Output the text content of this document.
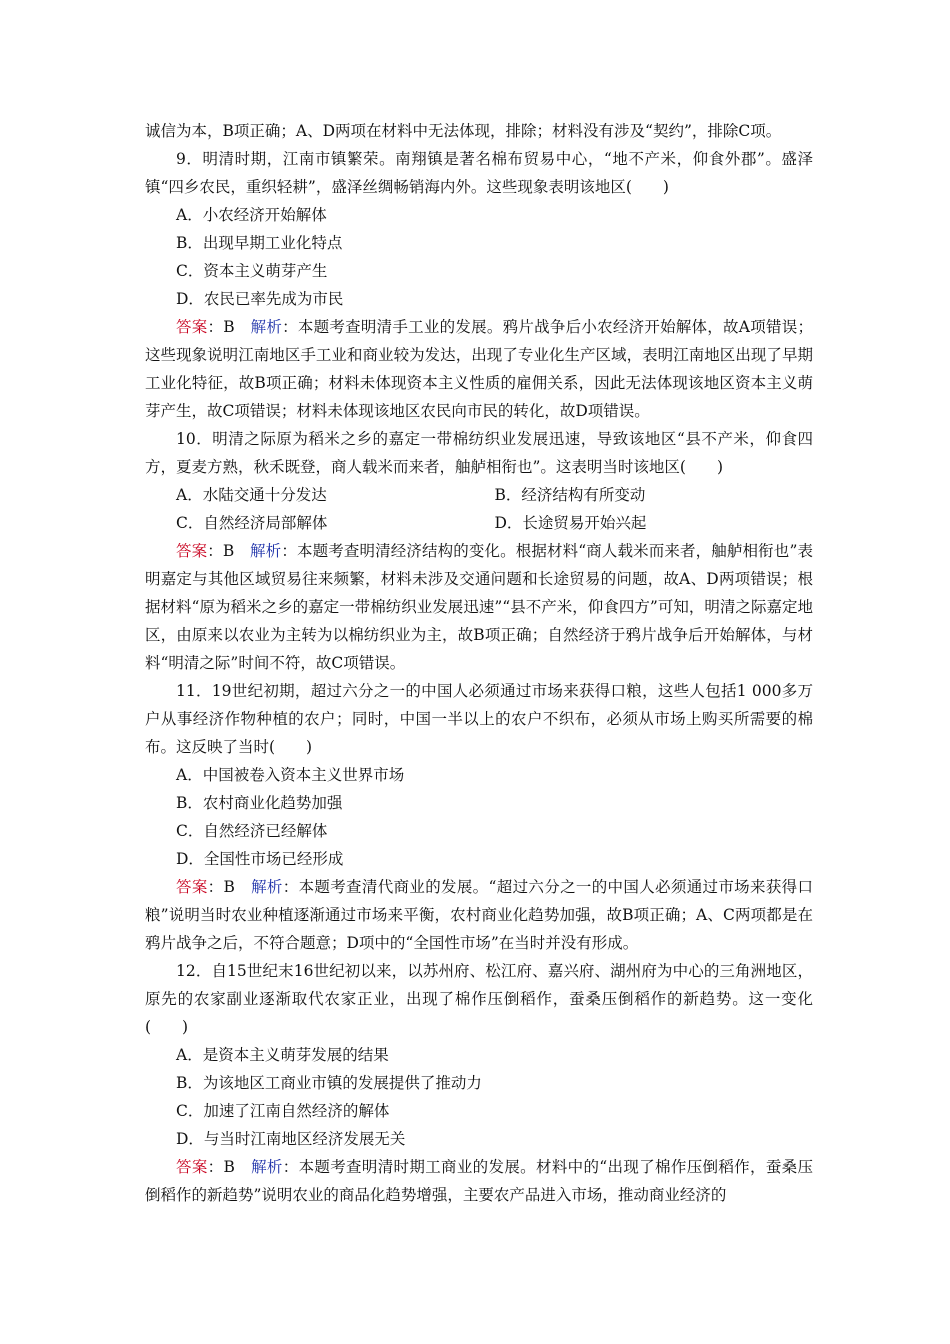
诚信为本，B项正确；A、D两项在材料中无法体现，排除；材料没有涉及“契约”，排除C项。

9．明清时期，江南市镇繁荣。南翔镇是著名棉布贸易中心，“地不产米，仰食外郡”。盛泽镇“四乡农民，重织轻耕”，盛泽丝绸畅销海内外。这些现象表明该地区(　　)

A．小农经济开始解体

B．出现早期工业化特点

C．资本主义萌芽产生

D．农民已率先成为市民

答案：B　解析：本题考查明清手工业的发展。鸦片战争后小农经济开始解体，故A项错误；这些现象说明江南地区手工业和商业较为发达，出现了专业化生产区域，表明江南地区出现了早期工业化特征，故B项正确；材料未体现资本主义性质的雇佣关系，因此无法体现该地区资本主义萌芽产生，故C项错误；材料未体现该地区农民向市民的转化，故D项错误。

10．明清之际原为稻米之乡的嘉定一带棉纺织业发展迅速，导致该地区“县不产米，仰食四方，夏麦方熟，秋禾既登，商人载米而来者，舳舻相衔也”。这表明当时该地区(　　)

A．水陆交通十分发达	B．经济结构有所变动
C．自然经济局部解体	D．长途贸易开始兴起

答案：B　解析：本题考查明清经济结构的变化。根据材料“商人载米而来者，舳舻相衔也”表明嘉定与其他区域贸易往来频繁，材料未涉及交通问题和长途贸易的问题，故A、D两项错误；根据材料“原为稻米之乡的嘉定一带棉纺织业发展迅速”“县不产米，仰食四方”可知，明清之际嘉定地区，由原来以农业为主转为以棉纺织业为主，故B项正确；自然经济于鸦片战争后开始解体，与材料“明清之际”时间不符，故C项错误。

11．19世纪初期，超过六分之一的中国人必须通过市场来获得口粮，这些人包括1 000多万户从事经济作物种植的农户；同时，中国一半以上的农户不织布，必须从市场上购买所需要的棉布。这反映了当时(　　)

A．中国被卷入资本主义世界市场

B．农村商业化趋势加强

C．自然经济已经解体

D．全国性市场已经形成

答案：B　解析：本题考查清代商业的发展。“超过六分之一的中国人必须通过市场来获得口粮”说明当时农业种植逐渐通过市场来平衡，农村商业化趋势加强，故B项正确；A、C两项都是在鸦片战争之后，不符合题意；D项中的“全国性市场”在当时并没有形成。

12．自15世纪末16世纪初以来，以苏州府、松江府、嘉兴府、湖州府为中心的三角洲地区，原先的农家副业逐渐取代农家正业，出现了棉作压倒稻作，蚕桑压倒稻作的新趋势。这一变化(　　)

A．是资本主义萌芽发展的结果

B．为该地区工商业市镇的发展提供了推动力

C．加速了江南自然经济的解体

D．与当时江南地区经济发展无关

答案：B　解析：本题考查明清时期工商业的发展。材料中的“出现了棉作压倒稻作，蚕桑压倒稻作的新趋势”说明农业的商品化趋势增强，主要农产品进入市场，推动商业经济的
